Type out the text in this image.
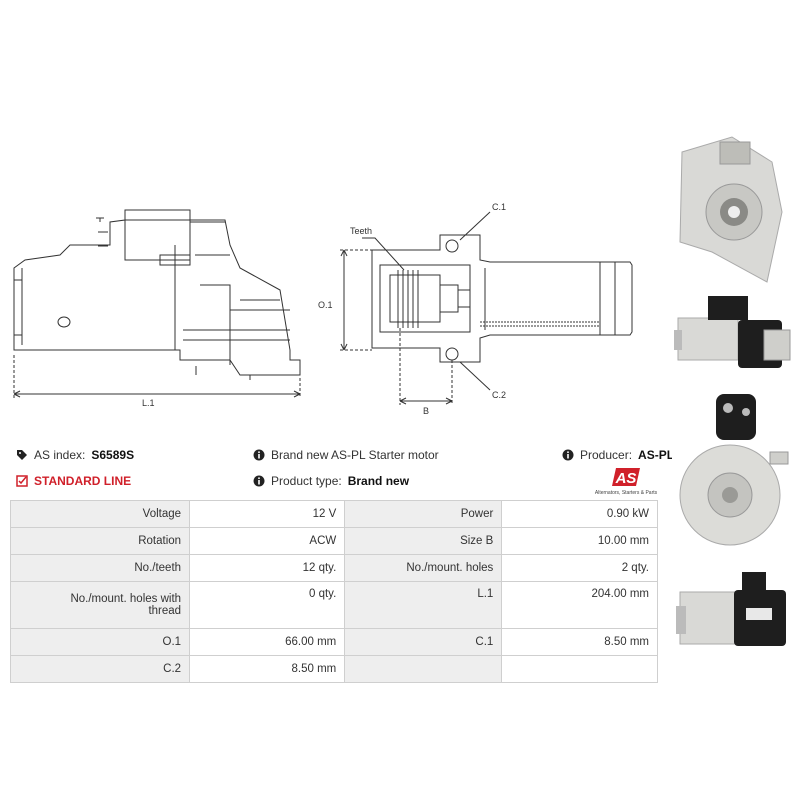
Teeth
C.1
C.2
O.1
B
L.1
AS index: S6589S
STANDARD LINE
Brand new AS-PL Starter motor
Product type: Brand new
Producer: AS-PL
AS
Alternators, Starters & Parts
Voltage	12 V	Power	0.90 kW
Rotation	ACW	Size B	10.00 mm
No./teeth	12 qty.	No./mount. holes	2 qty.
No./mount. holes with thread	0 qty.	L.1	204.00 mm
O.1	66.00 mm	C.1	8.50 mm
C.2	8.50 mm		
